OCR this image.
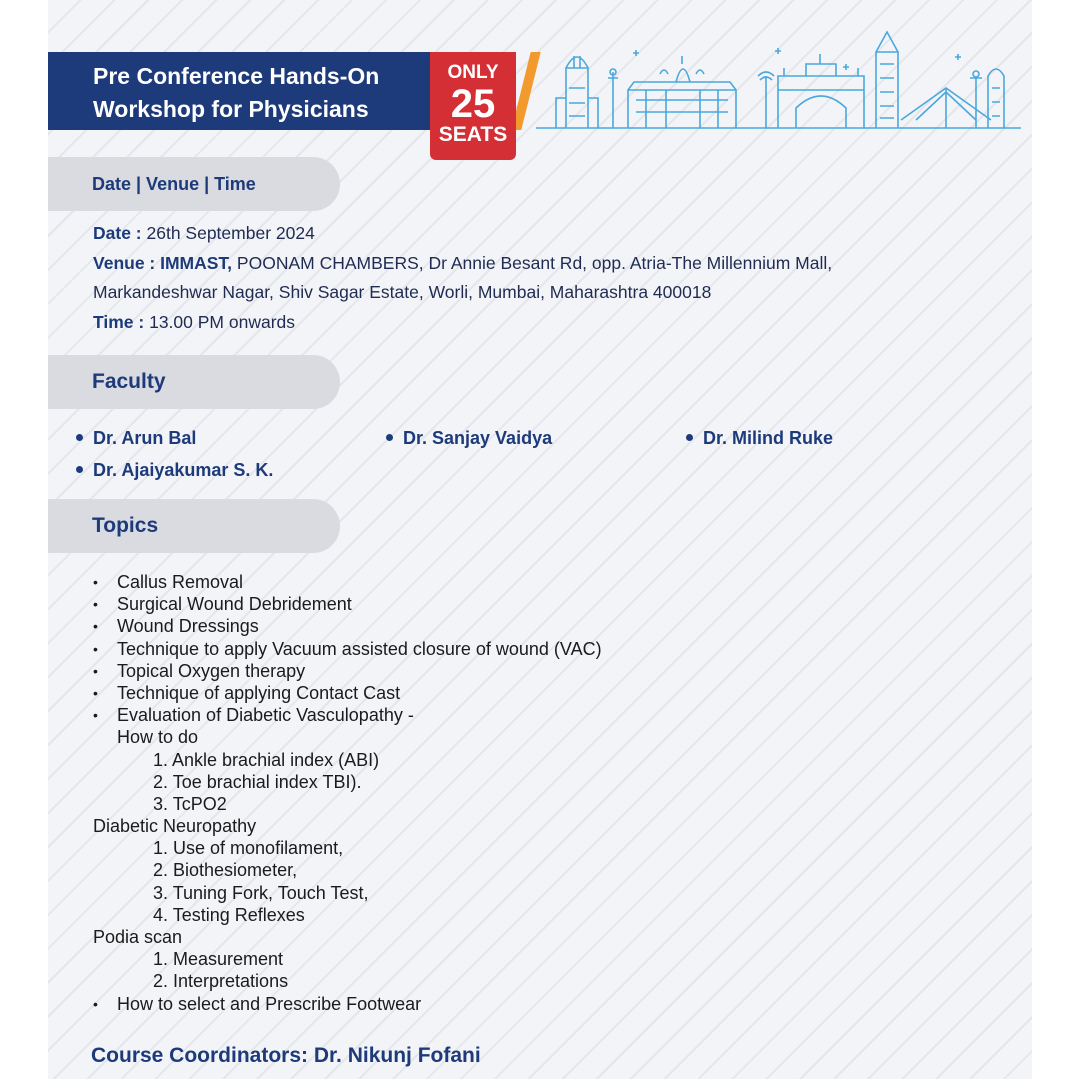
Pre Conference Hands-On
Workshop for Physicians
ONLY
25
SEATS
Date | Venue | Time
Date : 26th September 2024
Venue : IMMAST, POONAM CHAMBERS, Dr Annie Besant Rd, opp. Atria-The Millennium Mall,
Markandeshwar Nagar, Shiv Sagar Estate, Worli, Mumbai, Maharashtra 400018
Time : 13.00 PM onwards
Faculty
Dr. Arun Bal	Dr. Sanjay Vaidya	Dr. Milind Ruke
Dr. Ajaiyakumar S. K.
Topics
• Callus Removal
• Surgical Wound Debridement
• Wound Dressings
• Technique to apply Vacuum assisted closure of wound (VAC)
• Topical Oxygen therapy
• Technique of applying Contact Cast
• Evaluation of Diabetic Vasculopathy -
How to do
1. Ankle brachial index (ABI)
2. Toe brachial index TBI).
3. TcPO2
Diabetic Neuropathy
1. Use of monofilament,
2. Biothesiometer,
3. Tuning Fork, Touch Test,
4. Testing Reflexes
Podia scan
1. Measurement
2. Interpretations
• How to select and Prescribe Footwear
Course Coordinators: Dr. Nikunj Fofani
